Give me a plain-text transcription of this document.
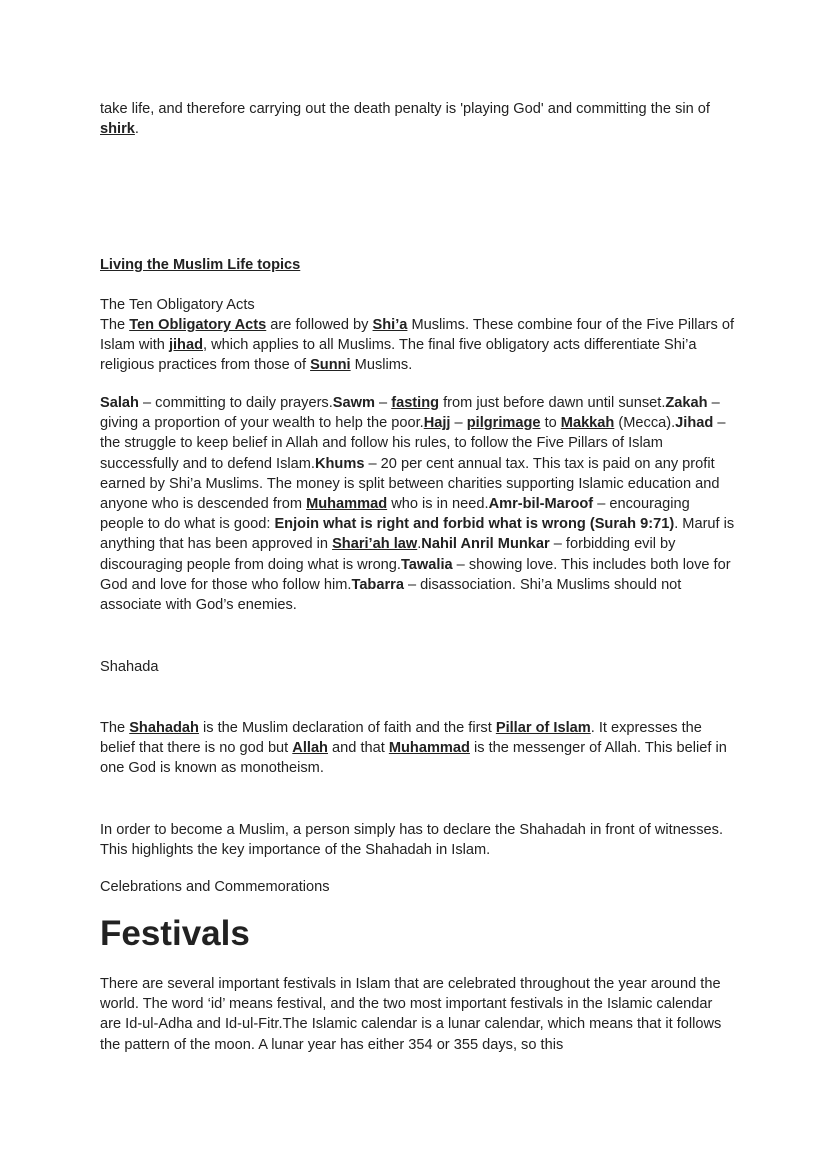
take life, and therefore carrying out the death penalty is 'playing God' and committing the sin of shirk.

Living the Muslim Life topics

The Ten Obligatory Acts

The Ten Obligatory Acts are followed by Shi’a Muslims. These combine four of the Five Pillars of Islam with jihad, which applies to all Muslims. The final five obligatory acts differentiate Shi’a religious practices from those of Sunni Muslims.

Salah – committing to daily prayers.Sawm – fasting from just before dawn until sunset.Zakah – giving a proportion of your wealth to help the poor.Hajj – pilgrimage to Makkah (Mecca).Jihad – the struggle to keep belief in Allah and follow his rules, to follow the Five Pillars of Islam successfully and to defend Islam.Khums – 20 per cent annual tax. This tax is paid on any profit earned by Shi’a Muslims. The money is split between charities supporting Islamic education and anyone who is descended from Muhammad who is in need.Amr-bil-Maroof – encouraging people to do what is good: Enjoin what is right and forbid what is wrong (Surah 9:71). Maruf is anything that has been approved in Shari’ah law.Nahil Anril Munkar – forbidding evil by discouraging people from doing what is wrong.Tawalia – showing love. This includes both love for God and love for those who follow him.Tabarra – disassociation. Shi’a Muslims should not associate with God’s enemies.

Shahada

The Shahadah is the Muslim declaration of faith and the first Pillar of Islam. It expresses the belief that there is no god but Allah and that Muhammad is the messenger of Allah. This belief in one God is known as monotheism.

In order to become a Muslim, a person simply has to declare the Shahadah in front of witnesses. This highlights the key importance of the Shahadah in Islam.

Celebrations and Commemorations

Festivals

There are several important festivals in Islam that are celebrated throughout the year around the world. The word ‘id’ means festival, and the two most important festivals in the Islamic calendar are Id-ul-Adha and Id-ul-Fitr.The Islamic calendar is a lunar calendar, which means that it follows the pattern of the moon. A lunar year has either 354 or 355 days, so this
